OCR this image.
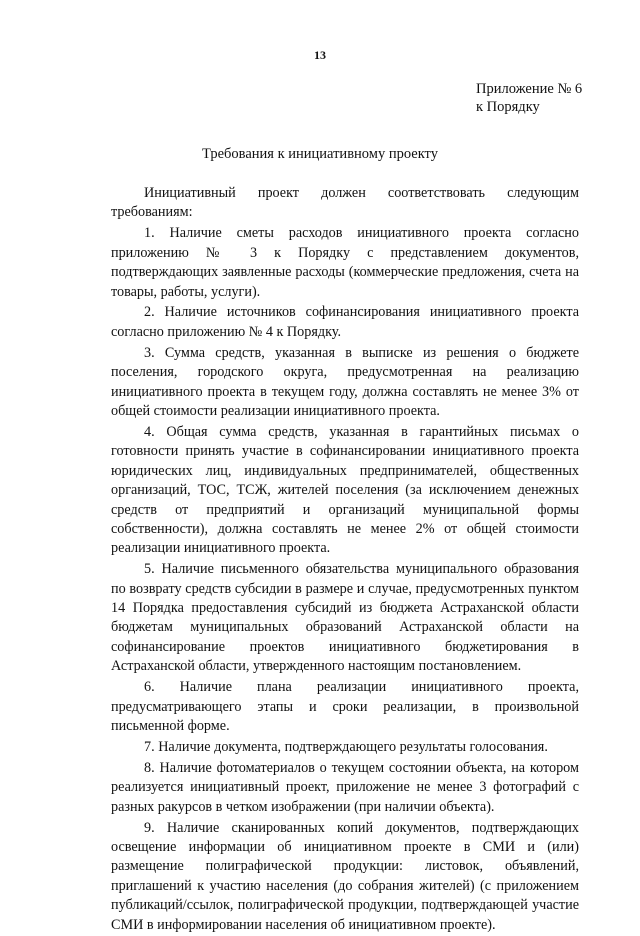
13
Приложение № 6
к Порядку
Требования к инициативному проекту

Инициативный проект должен соответствовать следующим требованиям:

1. Наличие сметы расходов инициативного проекта согласно приложению № 3 к Порядку с представлением документов, подтверждающих заявленные расходы (коммерческие предложения, счета на товары, работы, услуги).

2. Наличие источников софинансирования инициативного проекта согласно приложению № 4 к Порядку.

3. Сумма средств, указанная в выписке из решения о бюджете поселения, городского округа, предусмотренная на реализацию инициативного проекта в текущем году, должна составлять не менее 3% от общей стоимости реализации инициативного проекта.

4. Общая сумма средств, указанная в гарантийных письмах о готовности принять участие в софинансировании инициативного проекта юридических лиц, индивидуальных предпринимателей, общественных организаций, ТОС, ТСЖ, жителей поселения (за исключением денежных средств от предприятий и организаций муниципальной формы собственности), должна составлять не менее 2% от общей стоимости реализации инициативного проекта.

5. Наличие письменного обязательства муниципального образования по возврату средств субсидии в размере и случае, предусмотренных пунктом 14 Порядка предоставления субсидий из бюджета Астраханской области бюджетам муниципальных образований Астраханской области на софинансирование проектов инициативного бюджетирования в Астраханской области, утвержденного настоящим постановлением.

6. Наличие плана реализации инициативного проекта, предусматривающего этапы и сроки реализации, в произвольной письменной форме.

7. Наличие документа, подтверждающего результаты голосования.

8. Наличие фотоматериалов о текущем состоянии объекта, на котором реализуется инициативный проект, приложение не менее 3 фотографий с разных ракурсов в четком изображении (при наличии объекта).

9. Наличие сканированных копий документов, подтверждающих освещение информации об инициативном проекте в СМИ и (или) размещение полиграфической продукции: листовок, объявлений, приглашений к участию населения (до собрания жителей) (с приложением публикаций/ссылок, полиграфической продукции, подтверждающей участие СМИ в информировании населения об инициативном проекте).
